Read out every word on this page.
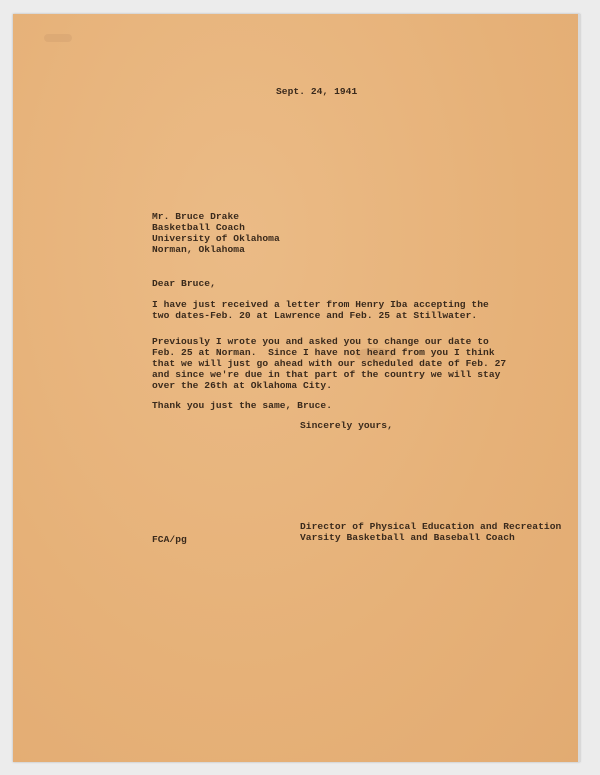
Sept. 24, 1941

Mr. Bruce Drake

Basketball Coach

University of Oklahoma

Norman, Oklahoma

Dear Bruce,

I have just received a letter from Henry Iba accepting the

two dates-Feb. 20 at Lawrence and Feb. 25 at Stillwater.

Previously I wrote you and asked you to change our date to

Feb. 25 at Norman.  Since I have not heard from you I think

that we will just go ahead with our scheduled date of Feb. 27

and since we're due in that part of the country we will stay

over the 26th at Oklahoma City.

Thank you just the same, Bruce.

Sincerely yours,

Director of Physical Education and Recreation

Varsity Basketball and Baseball Coach

FCA/pg
